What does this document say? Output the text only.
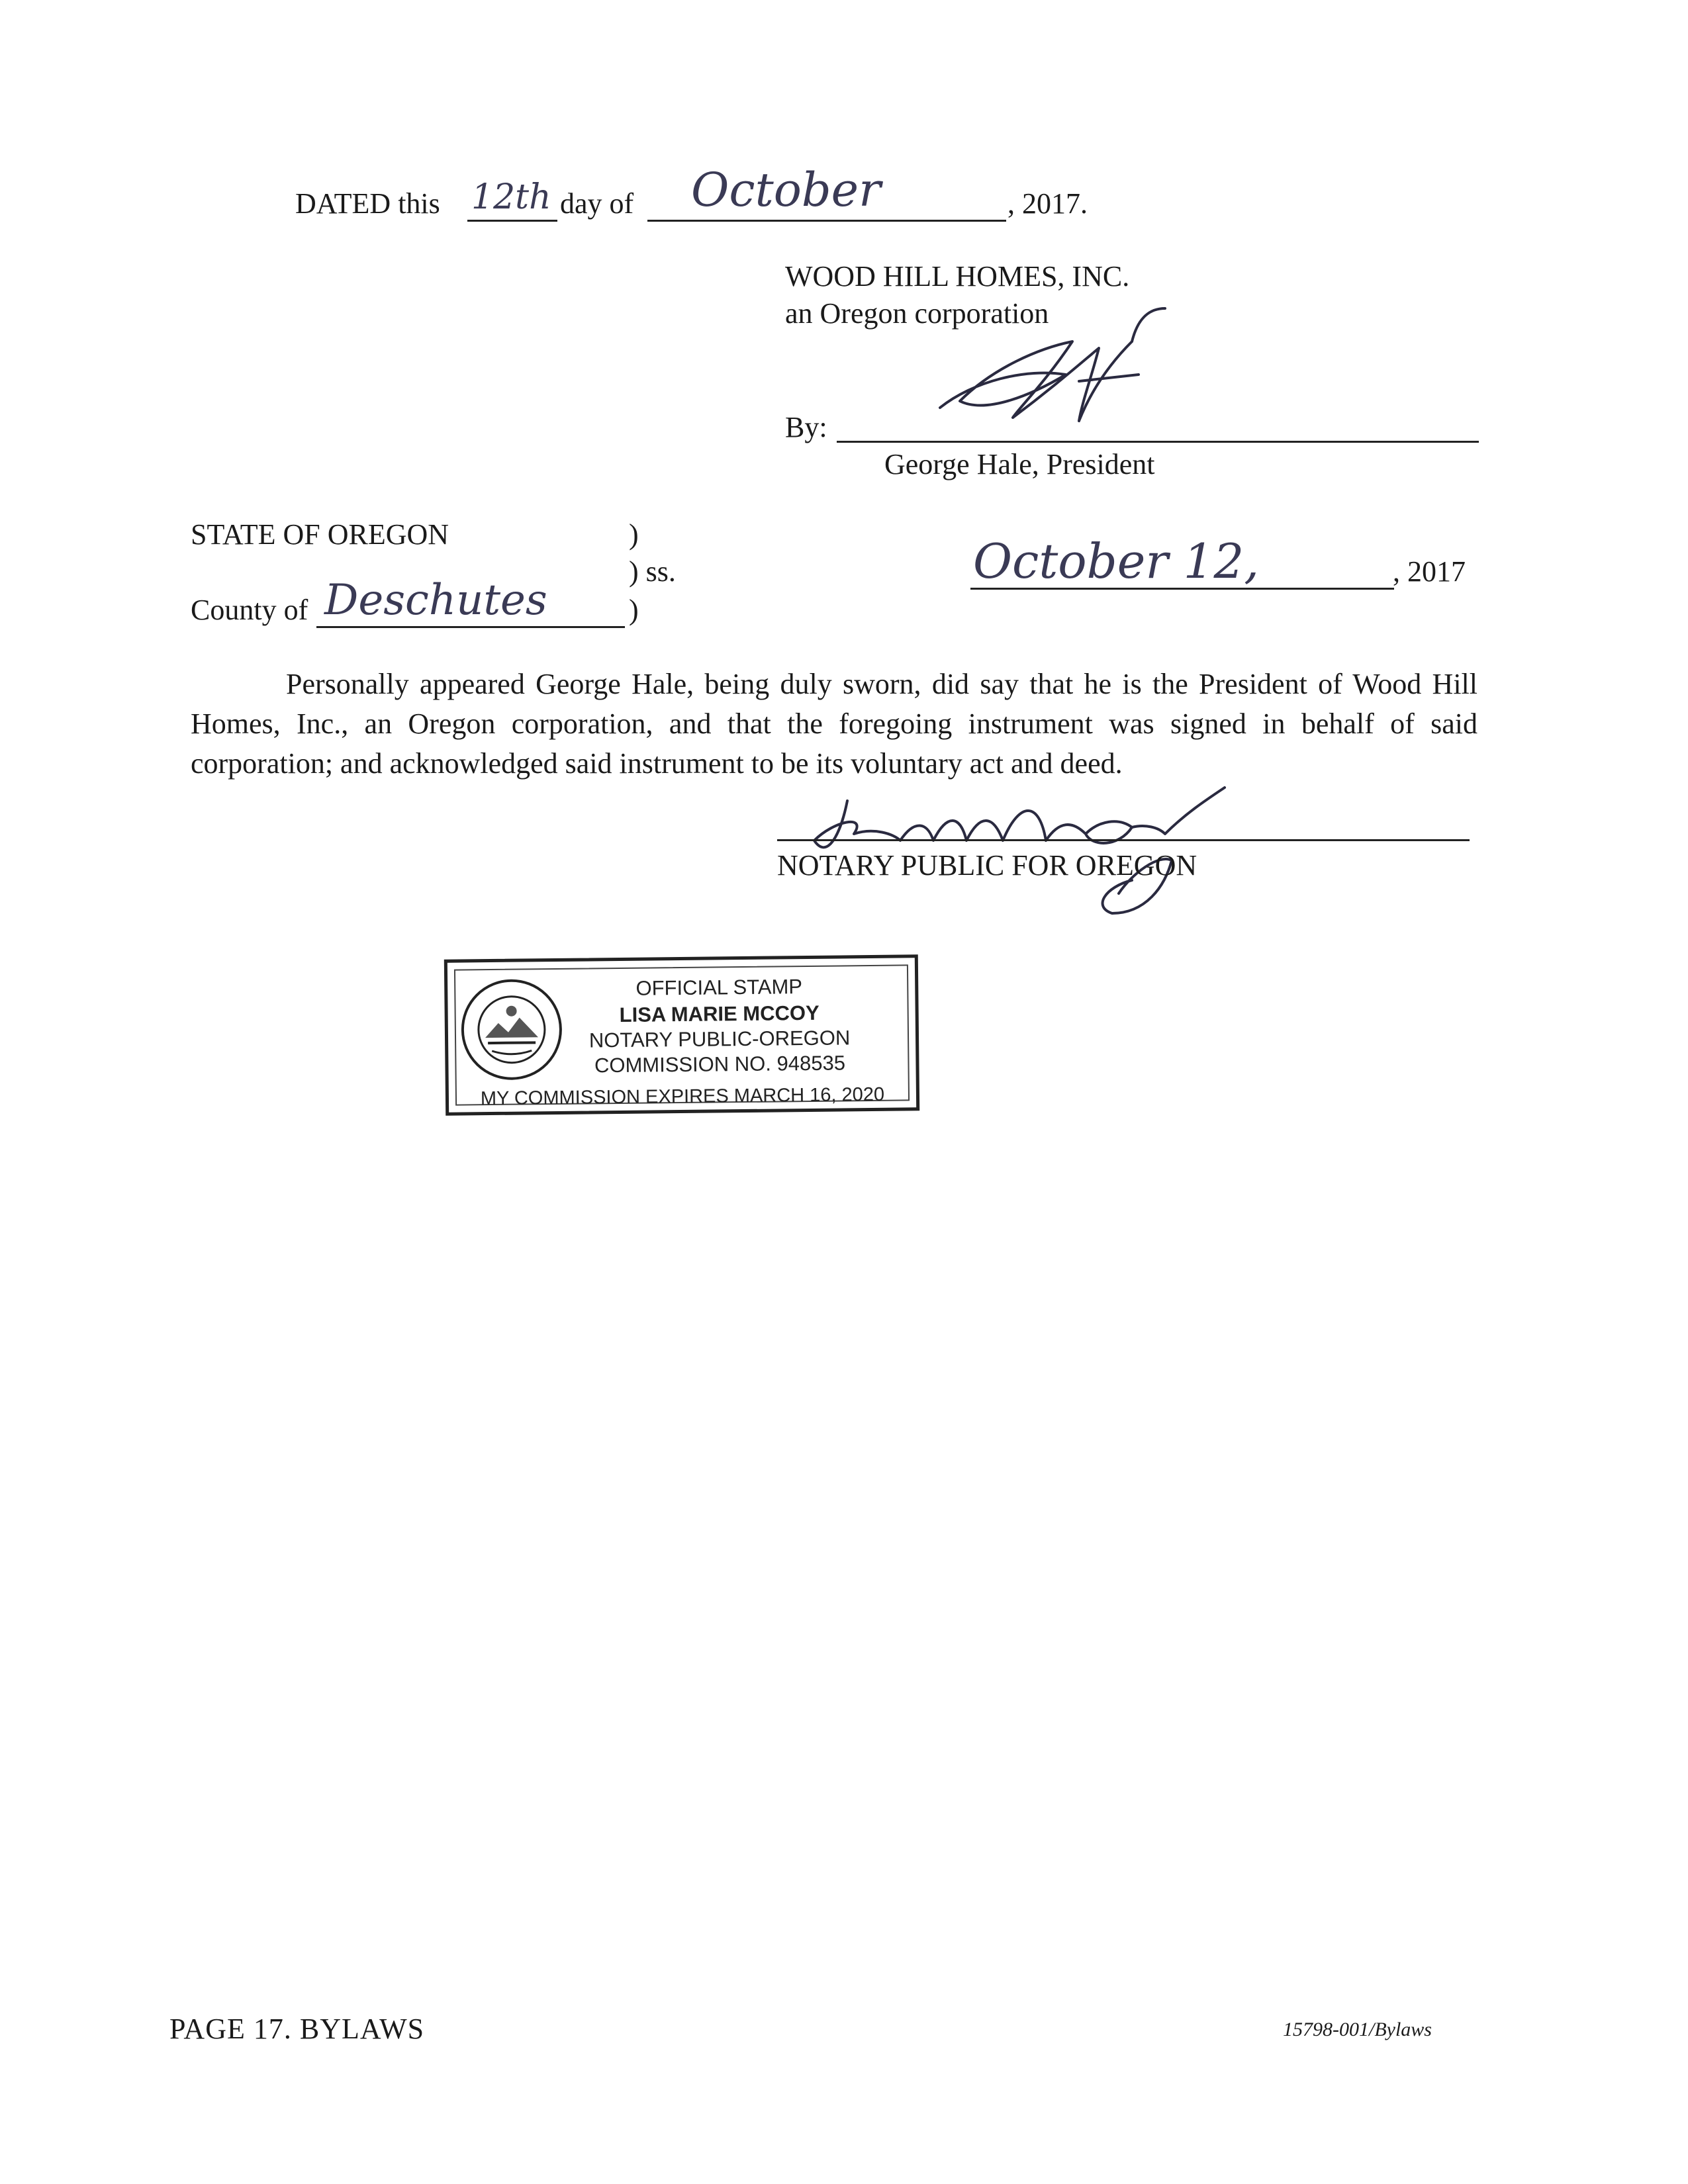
DATED this 12th day of October	, 2017.
WOOD HILL HOMES, INC.
an Oregon corporation
By:
George Hale, President
STATE OF OREGON	)
) ss.
County of Deschutes	)
October 12,	, 2017

Personally appeared George Hale, being duly sworn, did say that he is the President of Wood Hill Homes, Inc., an Oregon corporation, and that the foregoing instrument was signed in behalf of said corporation; and acknowledged said instrument to be its voluntary act and deed.

NOTARY PUBLIC FOR OREGON
OFFICIAL STAMP
LISA MARIE MCCOY
NOTARY PUBLIC-OREGON
COMMISSION NO. 948535
MY COMMISSION EXPIRES MARCH 16, 2020
PAGE 17. BYLAWS	15798-001/Bylaws
